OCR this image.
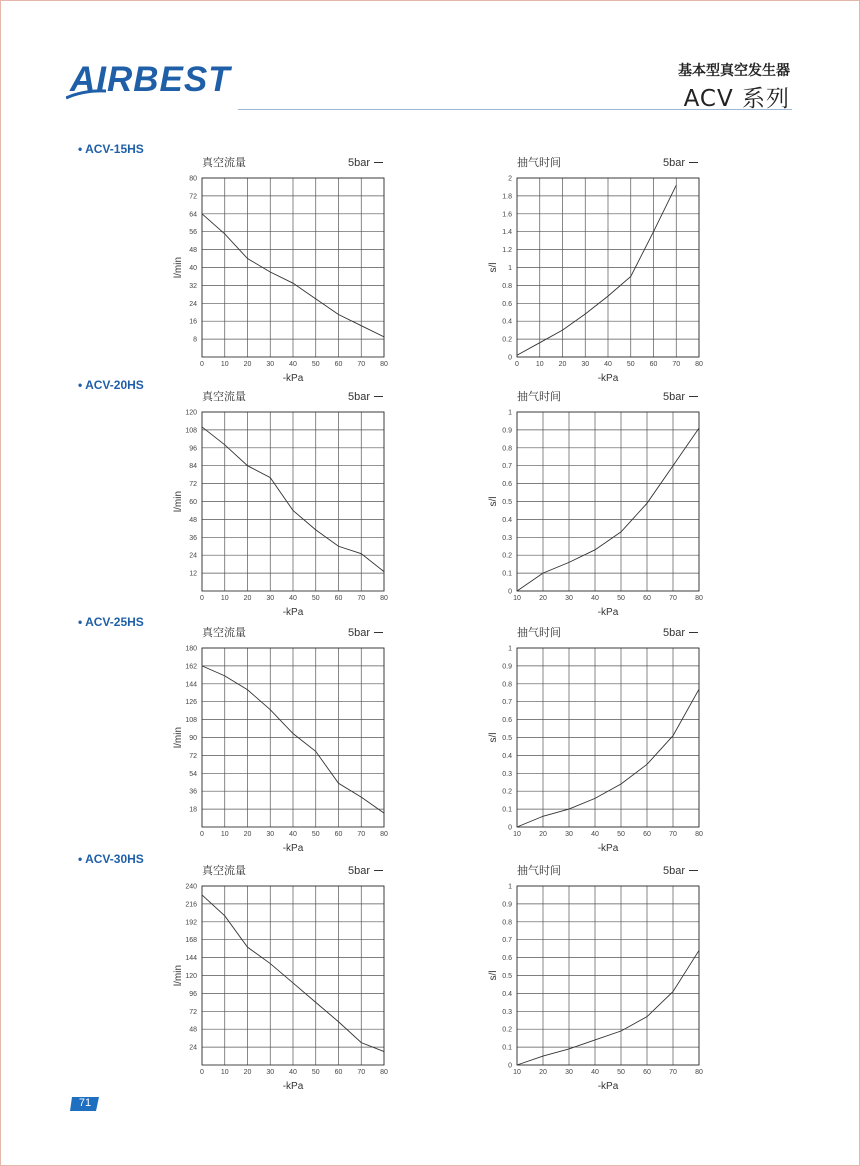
AIRBEST	基本型真空发生器
ACV 系列
• ACV-15HS
• ACV-20HS
• ACV-25HS
• ACV-30HS
真空流量	5bar
0 10 20 30 40 50 60 70 80
8
16
24
32
40
48
56
64
72
80
-kPa
l/min
抽气时间	5bar
0 10 20 30 40 50 60 70 80
0
0.2
0.4
0.6
0.8
1
1.2
1.4
1.6
1.8
2
-kPa
s/l
真空流量	5bar
0 10 20 30 40 50 60 70 80
12
24
36
48
60
72
84
96
108
120
-kPa
l/min
抽气时间	5bar
10	20	30	40	50	60	70	80
0
0.1
0.2
0.3
0.4
0.5
0.6
0.7
0.8
0.9
1
-kPa
s/l
真空流量	5bar
0 10 20 30 40 50 60 70 80
18
36
54
72
90
108
126
144
162
180
-kPa
l/min
抽气时间	5bar
10	20	30	40	50	60	70	80
0
0.1
0.2
0.3
0.4
0.5
0.6
0.7
0.8
0.9
1
-kPa
s/l
真空流量	5bar
0 10 20 30 40 50 60 70 80
24
48
72
96
120
144
168
192
216
240
-kPa
l/min
抽气时间	5bar
10	20	30	40	50	60	70	80
0
0.1
0.2
0.3
0.4
0.5
0.6
0.7
0.8
0.9
1
-kPa
s/l
71
